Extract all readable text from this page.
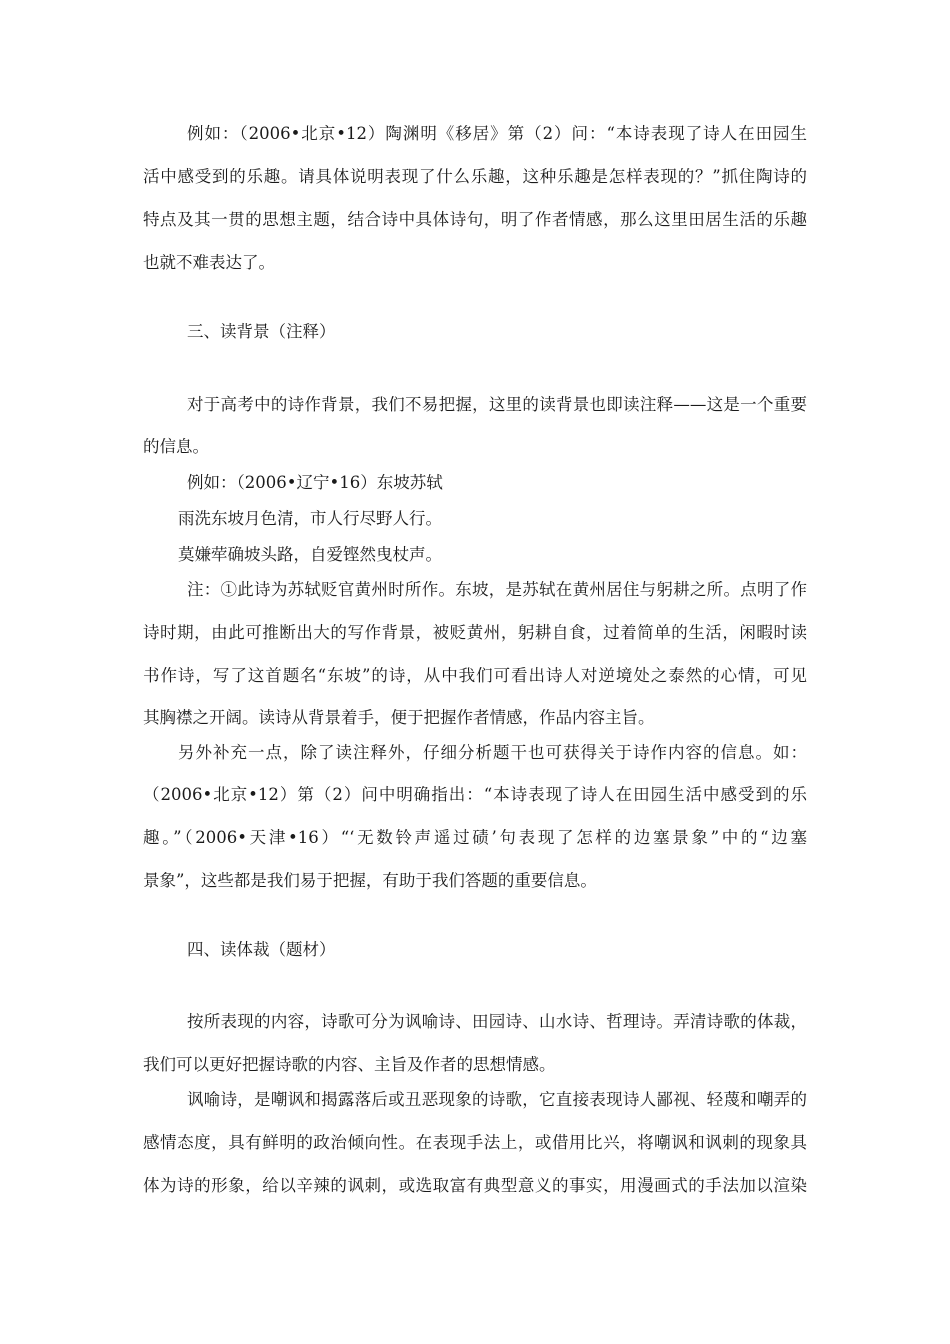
例如：（2006•北京•12）陶渊明《移居》第（2）问：“本诗表现了诗人在田园生

活中感受到的乐趣。请具体说明表现了什么乐趣，这种乐趣是怎样表现的？”抓住陶诗的

特点及其一贯的思想主题，结合诗中具体诗句，明了作者情感，那么这里田居生活的乐趣

也就不难表达了。

三、读背景（注释）

对于高考中的诗作背景，我们不易把握，这里的读背景也即读注释——这是一个重要

的信息。

例如：（2006•辽宁•16）东坡苏轼

雨洗东坡月色清，市人行尽野人行。

莫嫌荦确坡头路，自爱铿然曳杖声。

注：①此诗为苏轼贬官黄州时所作。东坡，是苏轼在黄州居住与躬耕之所。点明了作

诗时期，由此可推断出大的写作背景，被贬黄州，躬耕自食，过着简单的生活，闲暇时读

书作诗，写了这首题名“东坡”的诗，从中我们可看出诗人对逆境处之泰然的心情，可见

其胸襟之开阔。读诗从背景着手，便于把握作者情感，作品内容主旨。

另外补充一点，除了读注释外，仔细分析题干也可获得关于诗作内容的信息。如：

（2006•北京•12）第（2）问中明确指出：“本诗表现了诗人在田园生活中感受到的乐

趣。”（2006•天津•16）“‘无数铃声遥过碛’句表现了怎样的边塞景象”中的“边塞

景象”，这些都是我们易于把握，有助于我们答题的重要信息。

四、读体裁（题材）

按所表现的内容，诗歌可分为讽喻诗、田园诗、山水诗、哲理诗。弄清诗歌的体裁，

我们可以更好把握诗歌的内容、主旨及作者的思想情感。

讽喻诗，是嘲讽和揭露落后或丑恶现象的诗歌，它直接表现诗人鄙视、轻蔑和嘲弄的

感情态度，具有鲜明的政治倾向性。在表现手法上，或借用比兴，将嘲讽和讽刺的现象具

体为诗的形象，给以辛辣的讽刺，或选取富有典型意义的事实，用漫画式的手法加以渲染
